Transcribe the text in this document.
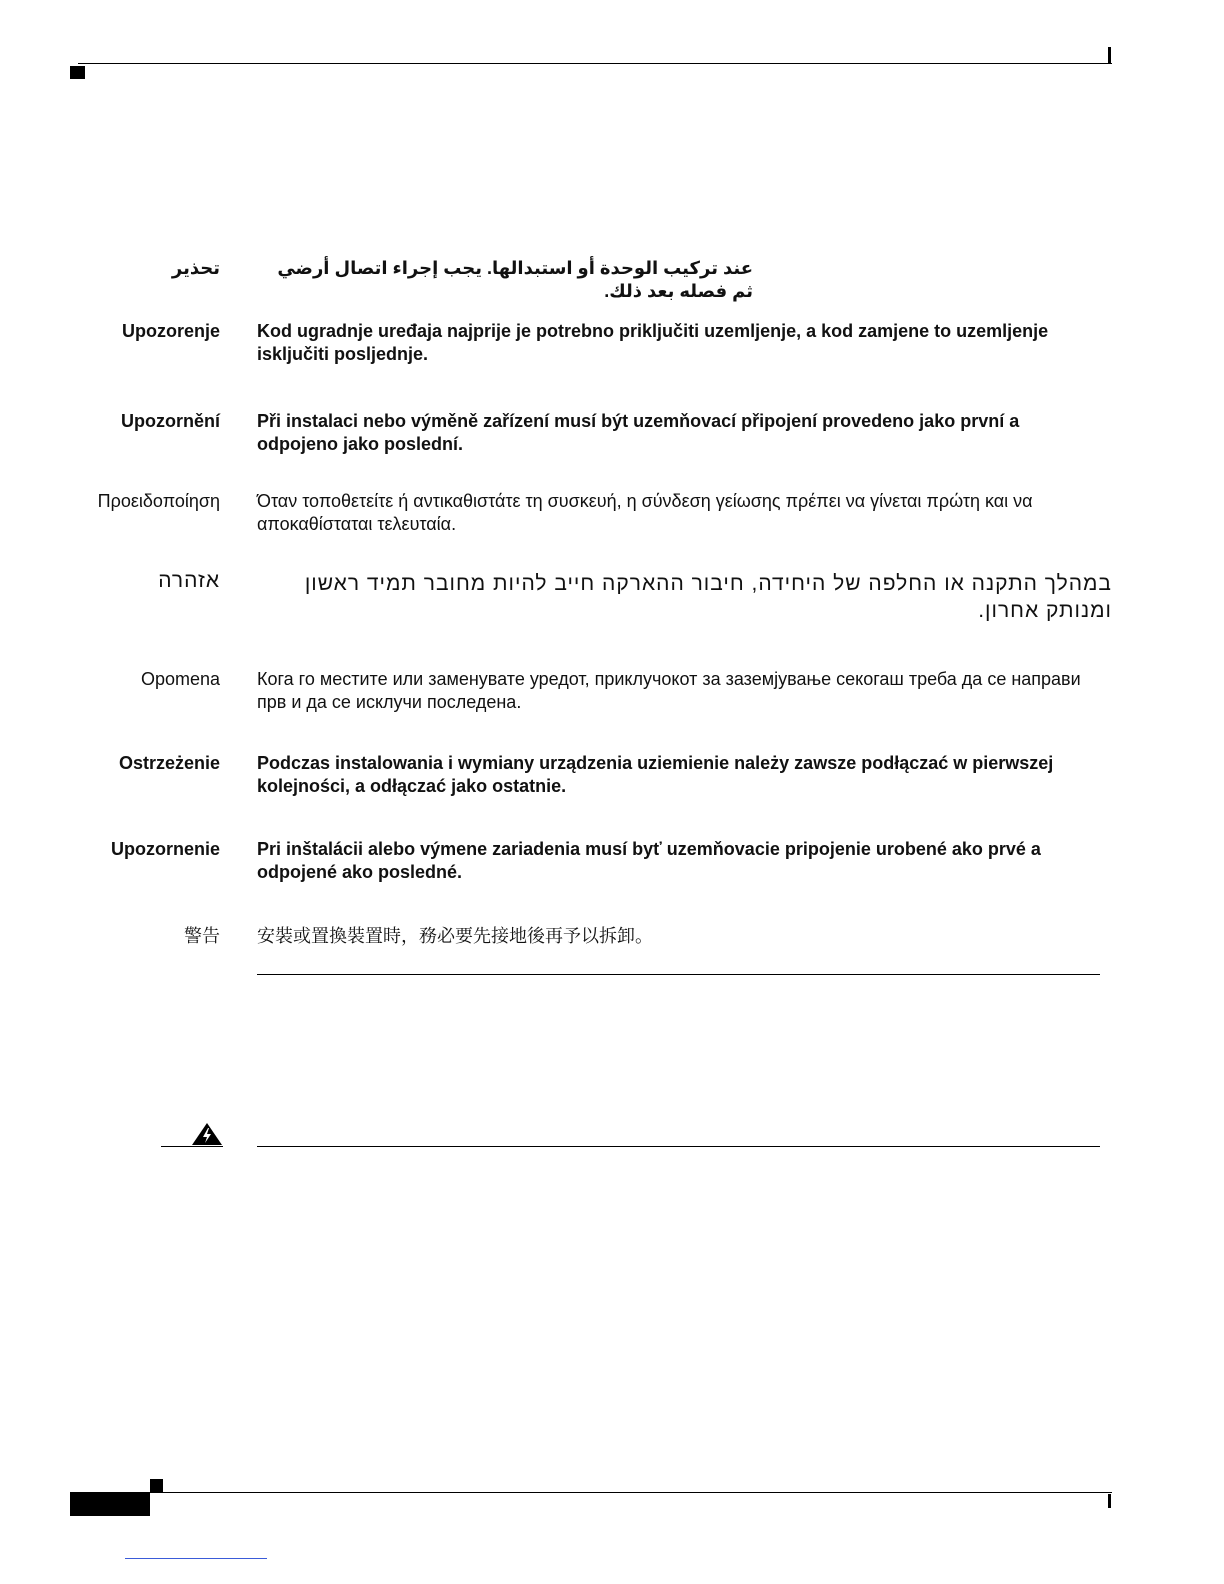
تحذير	عند تركيب الوحدة أو استبدالها. يجب إجراء اتصال أرضي ثم فصله بعد ذلك.
Upozorenje Kod ugradnje uređaja najprije je potrebno priključiti uzemljenje, a kod zamjene to uzemljenje isključiti posljednje.
Upozornění Při instalaci nebo výměně zařízení musí být uzemňovací připojení provedeno jako první a odpojeno jako poslední.
Προειδοποίηση Όταν τοποθετείτε ή αντικαθιστάτε τη συσκευή, η σύνδεση γείωσης πρέπει να γίνεται πρώτη και να αποκαθίσταται τελευταία.
אזהרה	במהלך התקנה או החלפה של היחידה, חיבור ההארקה חייב להיות מחובר תמיד ראשון ומנותק אחרון.
Opomena Кога го местите или заменувате уредот, приклучокот за заземјување секогаш треба да се направи прв и да се исклучи последена.
Ostrzeżenie Podczas instalowania i wymiany urządzenia uziemienie należy zawsze podłączać w pierwszej kolejności, a odłączać jako ostatnie.
Upozornenie Pri inštalácii alebo výmene zariadenia musí byť uzemňovacie pripojenie urobené ako prvé a odpojené ako posledné.
警告 安裝或置換裝置時，務必要先接地後再予以拆卸。
